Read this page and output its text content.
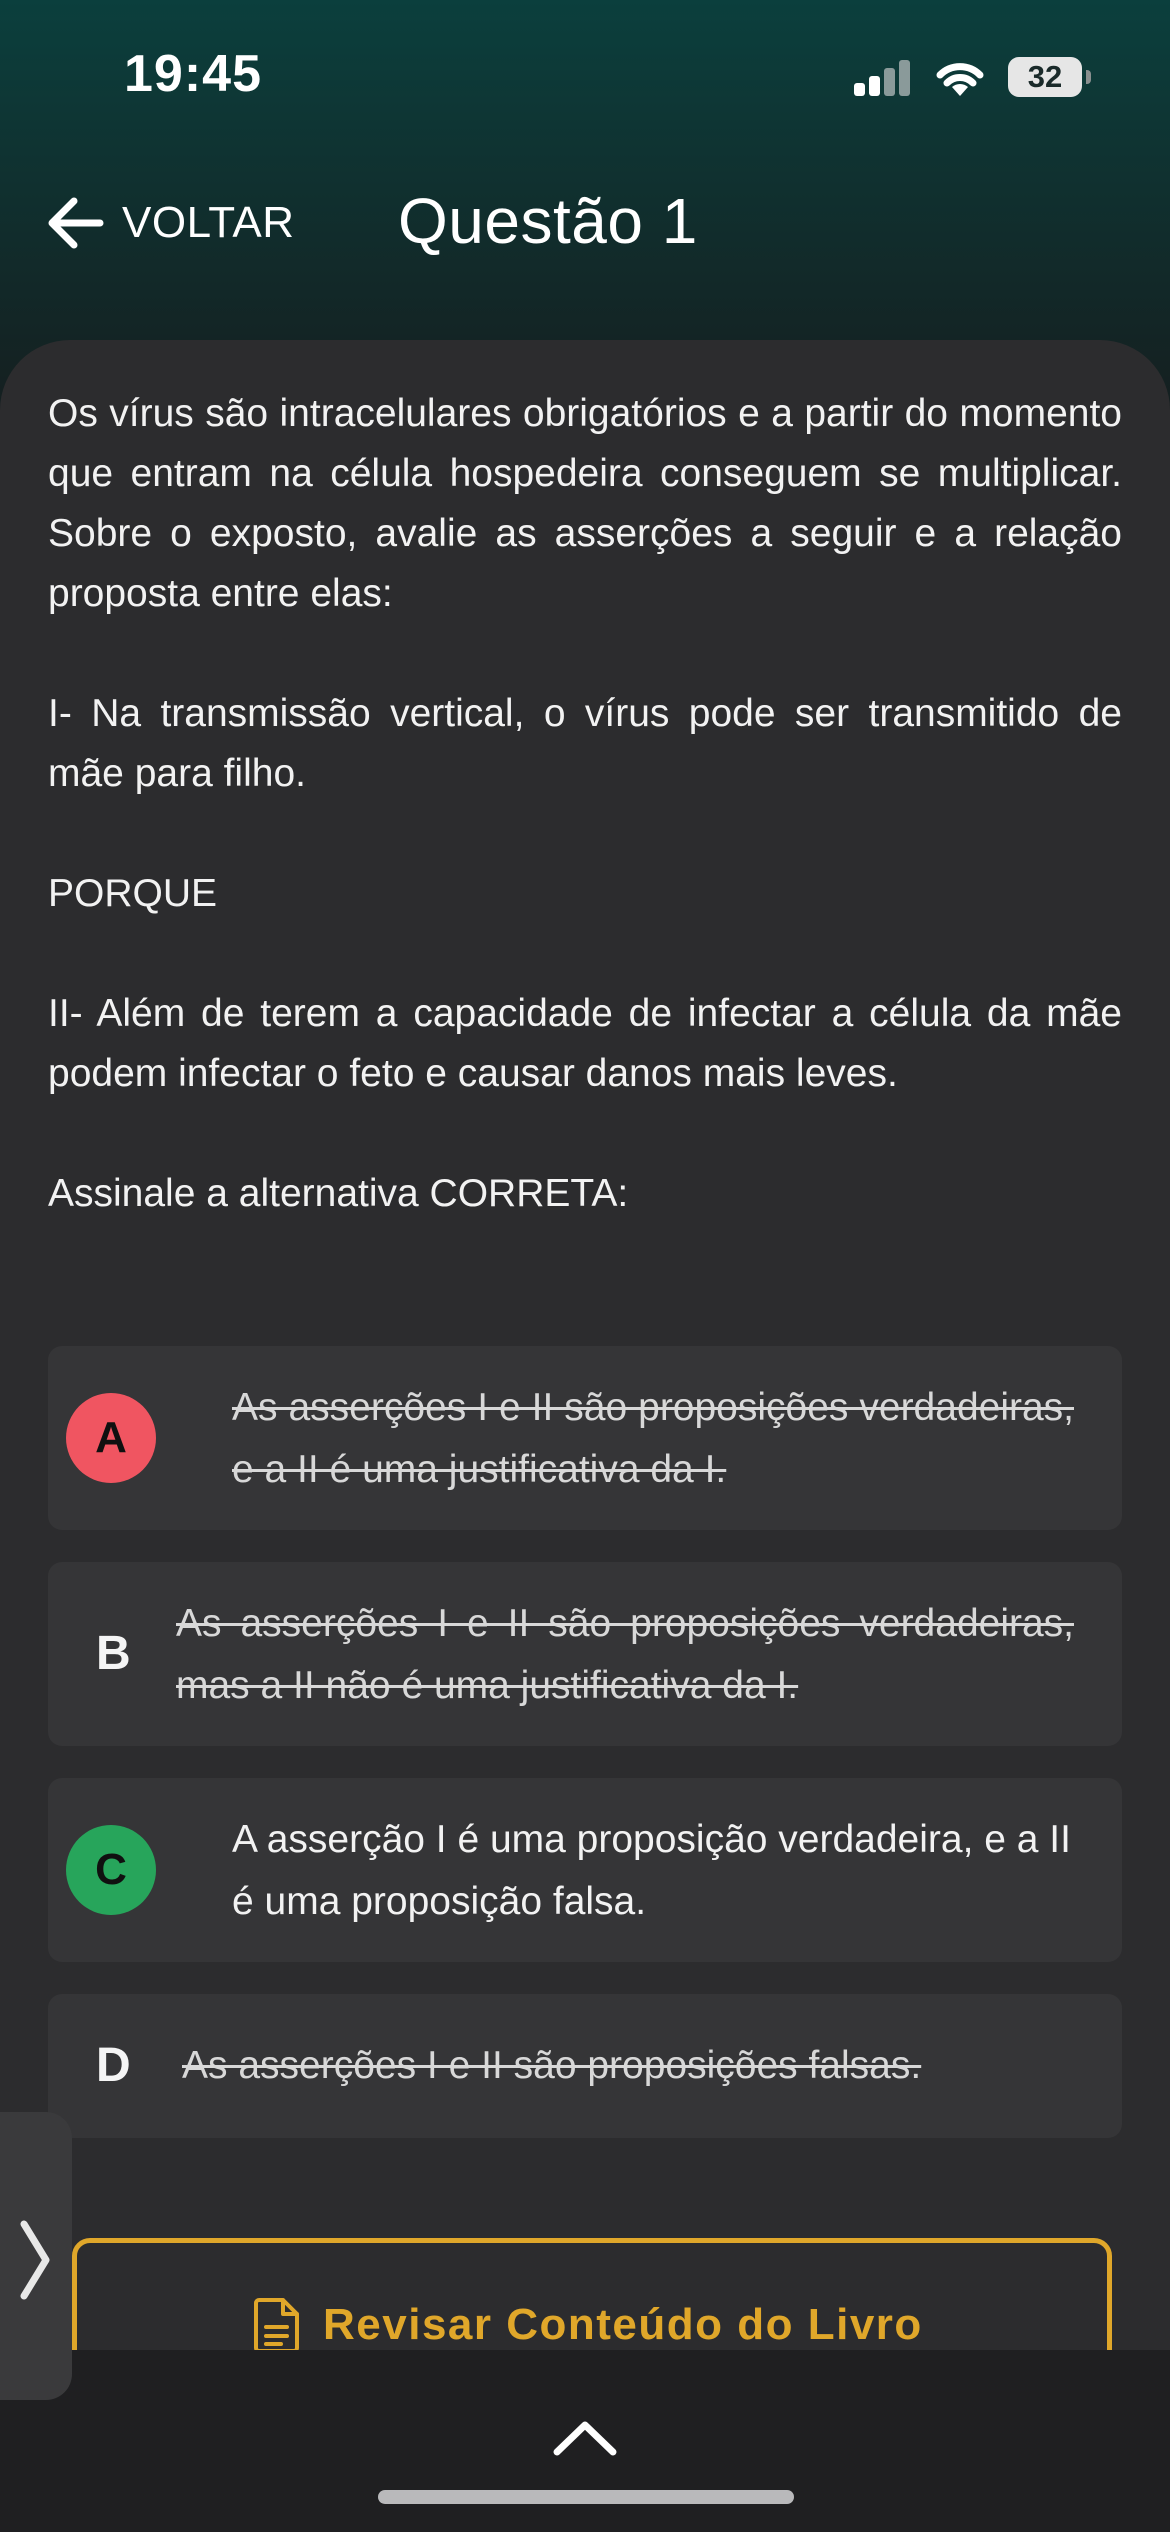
19:45	32
VOLTAR Questão 1

Os vírus são intracelulares obrigatórios e a partir do momento que entram na célula hospedeira conseguem se multiplicar. Sobre o exposto, avalie as asserções a seguir e a relação proposta entre elas:

I- Na transmissão vertical, o vírus pode ser transmitido de mãe para filho.

PORQUE

II- Além de terem a capacidade de infectar a célula da mãe podem infectar o feto e causar danos mais leves.

Assinale a alternativa CORRETA:

A
As asserções I e II são proposições verdadeiras, e a II é uma justificativa da I.
B
As asserções I e II são proposições verdadeiras, mas a II não é uma justificativa da I.
C
A asserção I é uma proposição verdadeira, e a II é uma proposição falsa.
D As asserções I e II são proposições falsas.
Revisar Conteúdo do Livro
